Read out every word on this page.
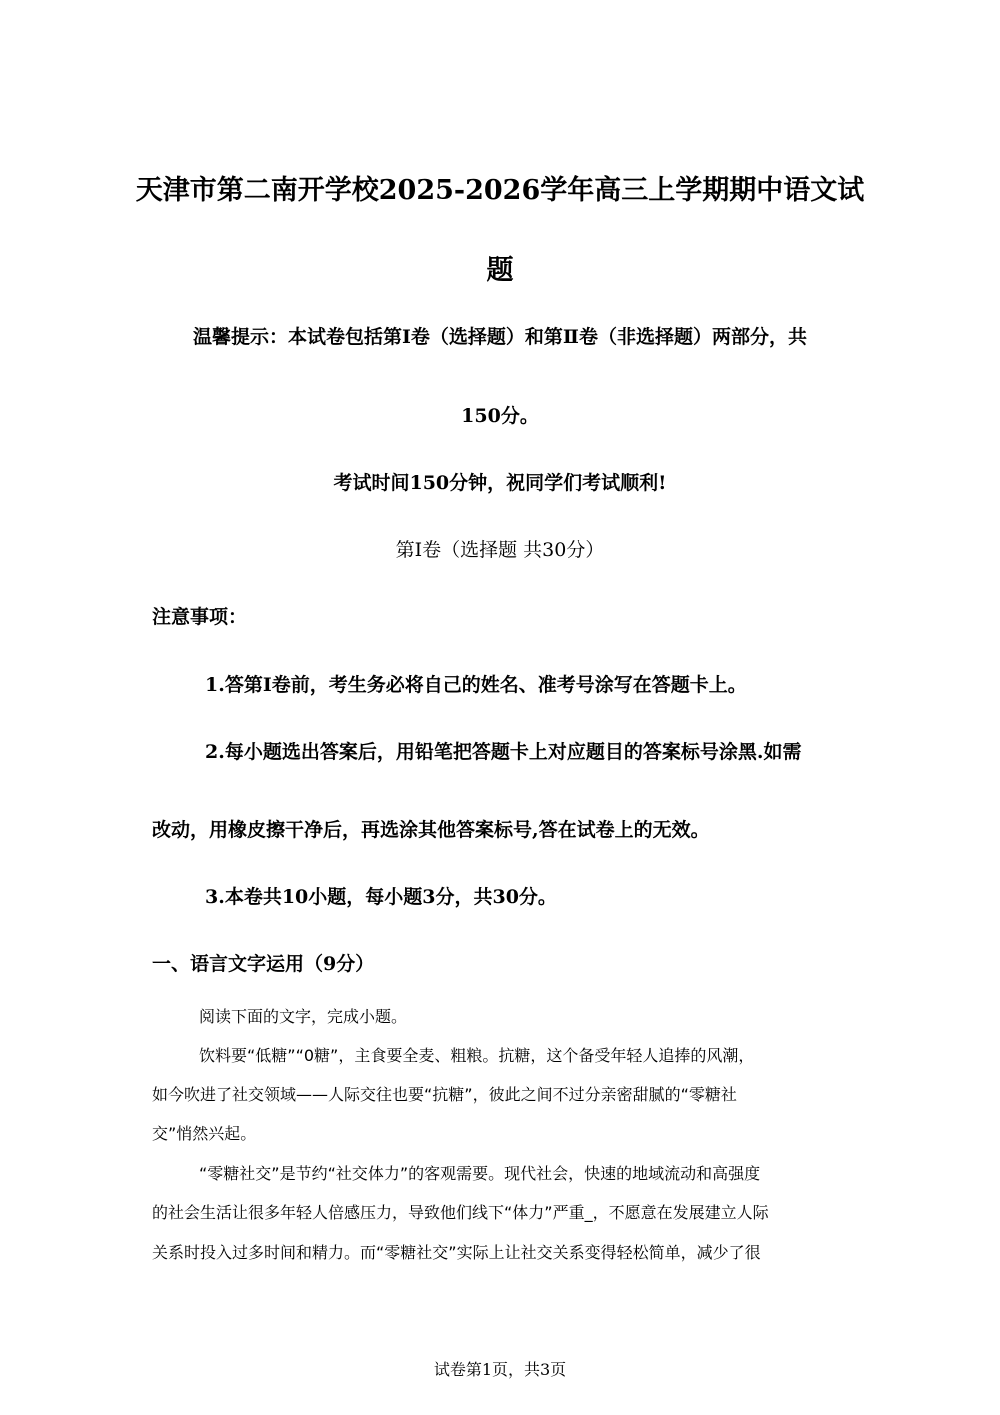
天津市第二南开学校2025-2026学年高三上学期期中语文试
题
温馨提示：本试卷包括第Ⅰ卷（选择题）和第Ⅱ卷（非选择题）两部分，共
150分。
考试时间150分钟，祝同学们考试顺利!
第Ⅰ卷（选择题 共30分）
注意事项：
1.答第Ⅰ卷前，考生务必将自己的姓名、准考号涂写在答题卡上。
2.每小题选出答案后，用铅笔把答题卡上对应题目的答案标号涂黑.如需
改动，用橡皮擦干净后，再选涂其他答案标号,答在试卷上的无效。
3.本卷共10小题，每小题3分，共30分。
一、语言文字运用（9分）
阅读下面的文字，完成小题。
饮料要“低糖”“0糖”，主食要全麦、粗粮。抗糖，这个备受年轻人追捧的风潮，
如今吹进了社交领域——人际交往也要“抗糖”，彼此之间不过分亲密甜腻的“零糖社
交”悄然兴起。
“零糖社交”是节约“社交体力”的客观需要。现代社会，快速的地域流动和高强度
的社会生活让很多年轻人倍感压力，导致他们线下“体力”严重_，不愿意在发展建立人际
关系时投入过多时间和精力。而“零糖社交”实际上让社交关系变得轻松简单，减少了很
试卷第1页，共3页
